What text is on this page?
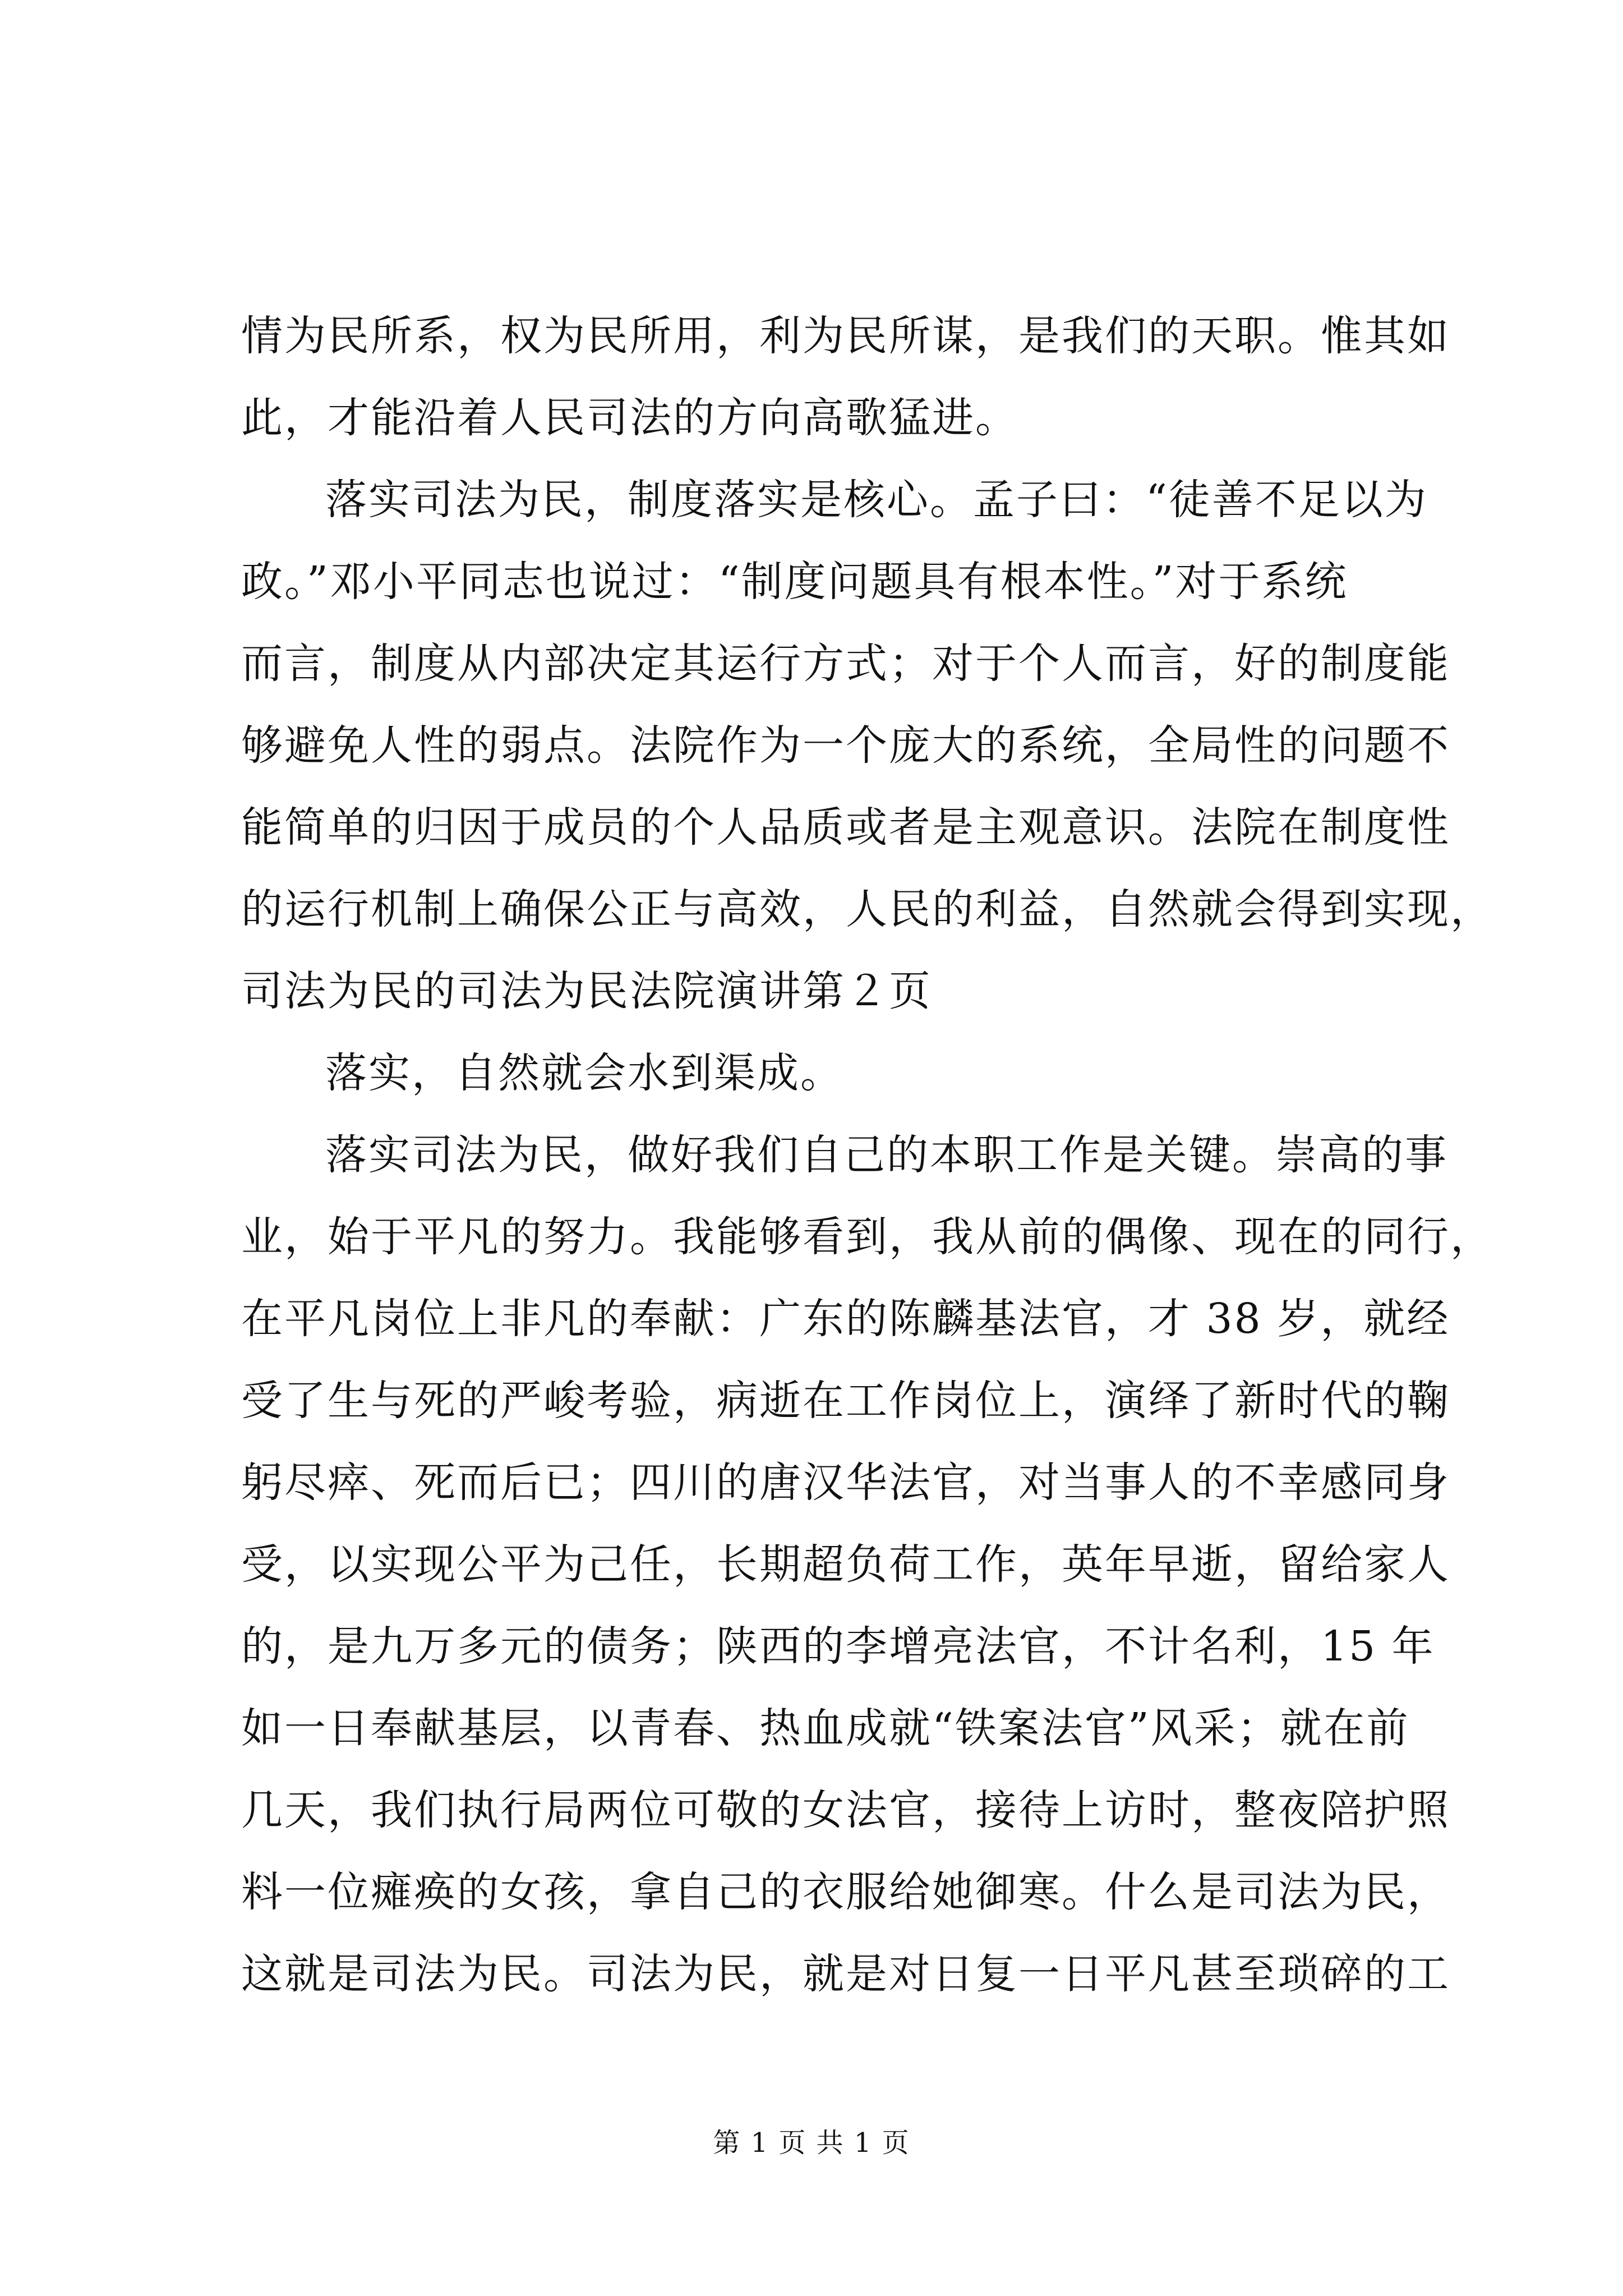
情为民所系，权为民所用，利为民所谋，是我们的天职。惟其如
此，才能沿着人民司法的方向高歌猛进。
落实司法为民，制度落实是核心。孟子曰：“徒善不足以为
政。”邓小平同志也说过：“制度问题具有根本性。”对于系统
而言，制度从内部决定其运行方式；对于个人而言，好的制度能
够避免人性的弱点。法院作为一个庞大的系统，全局性的问题不
能简单的归因于成员的个人品质或者是主观意识。法院在制度性
的运行机制上确保公正与高效，人民的利益，自然就会得到实现，
司法为民的司法为民法院演讲第２页
落实，自然就会水到渠成。
落实司法为民，做好我们自己的本职工作是关键。崇高的事
业，始于平凡的努力。我能够看到，我从前的偶像、现在的同行，
在平凡岗位上非凡的奉献：广东的陈麟基法官，才 38 岁，就经
受了生与死的严峻考验，病逝在工作岗位上，演绎了新时代的鞠
躬尽瘁、死而后已；四川的唐汉华法官，对当事人的不幸感同身
受，以实现公平为己任，长期超负荷工作，英年早逝，留给家人
的，是九万多元的债务；陕西的李增亮法官，不计名利，15 年
如一日奉献基层，以青春、热血成就“铁案法官”风采；就在前
几天，我们执行局两位可敬的女法官，接待上访时，整夜陪护照
料一位瘫痪的女孩，拿自己的衣服给她御寒。什么是司法为民，
这就是司法为民。司法为民，就是对日复一日平凡甚至琐碎的工
第 1 页 共 1 页
